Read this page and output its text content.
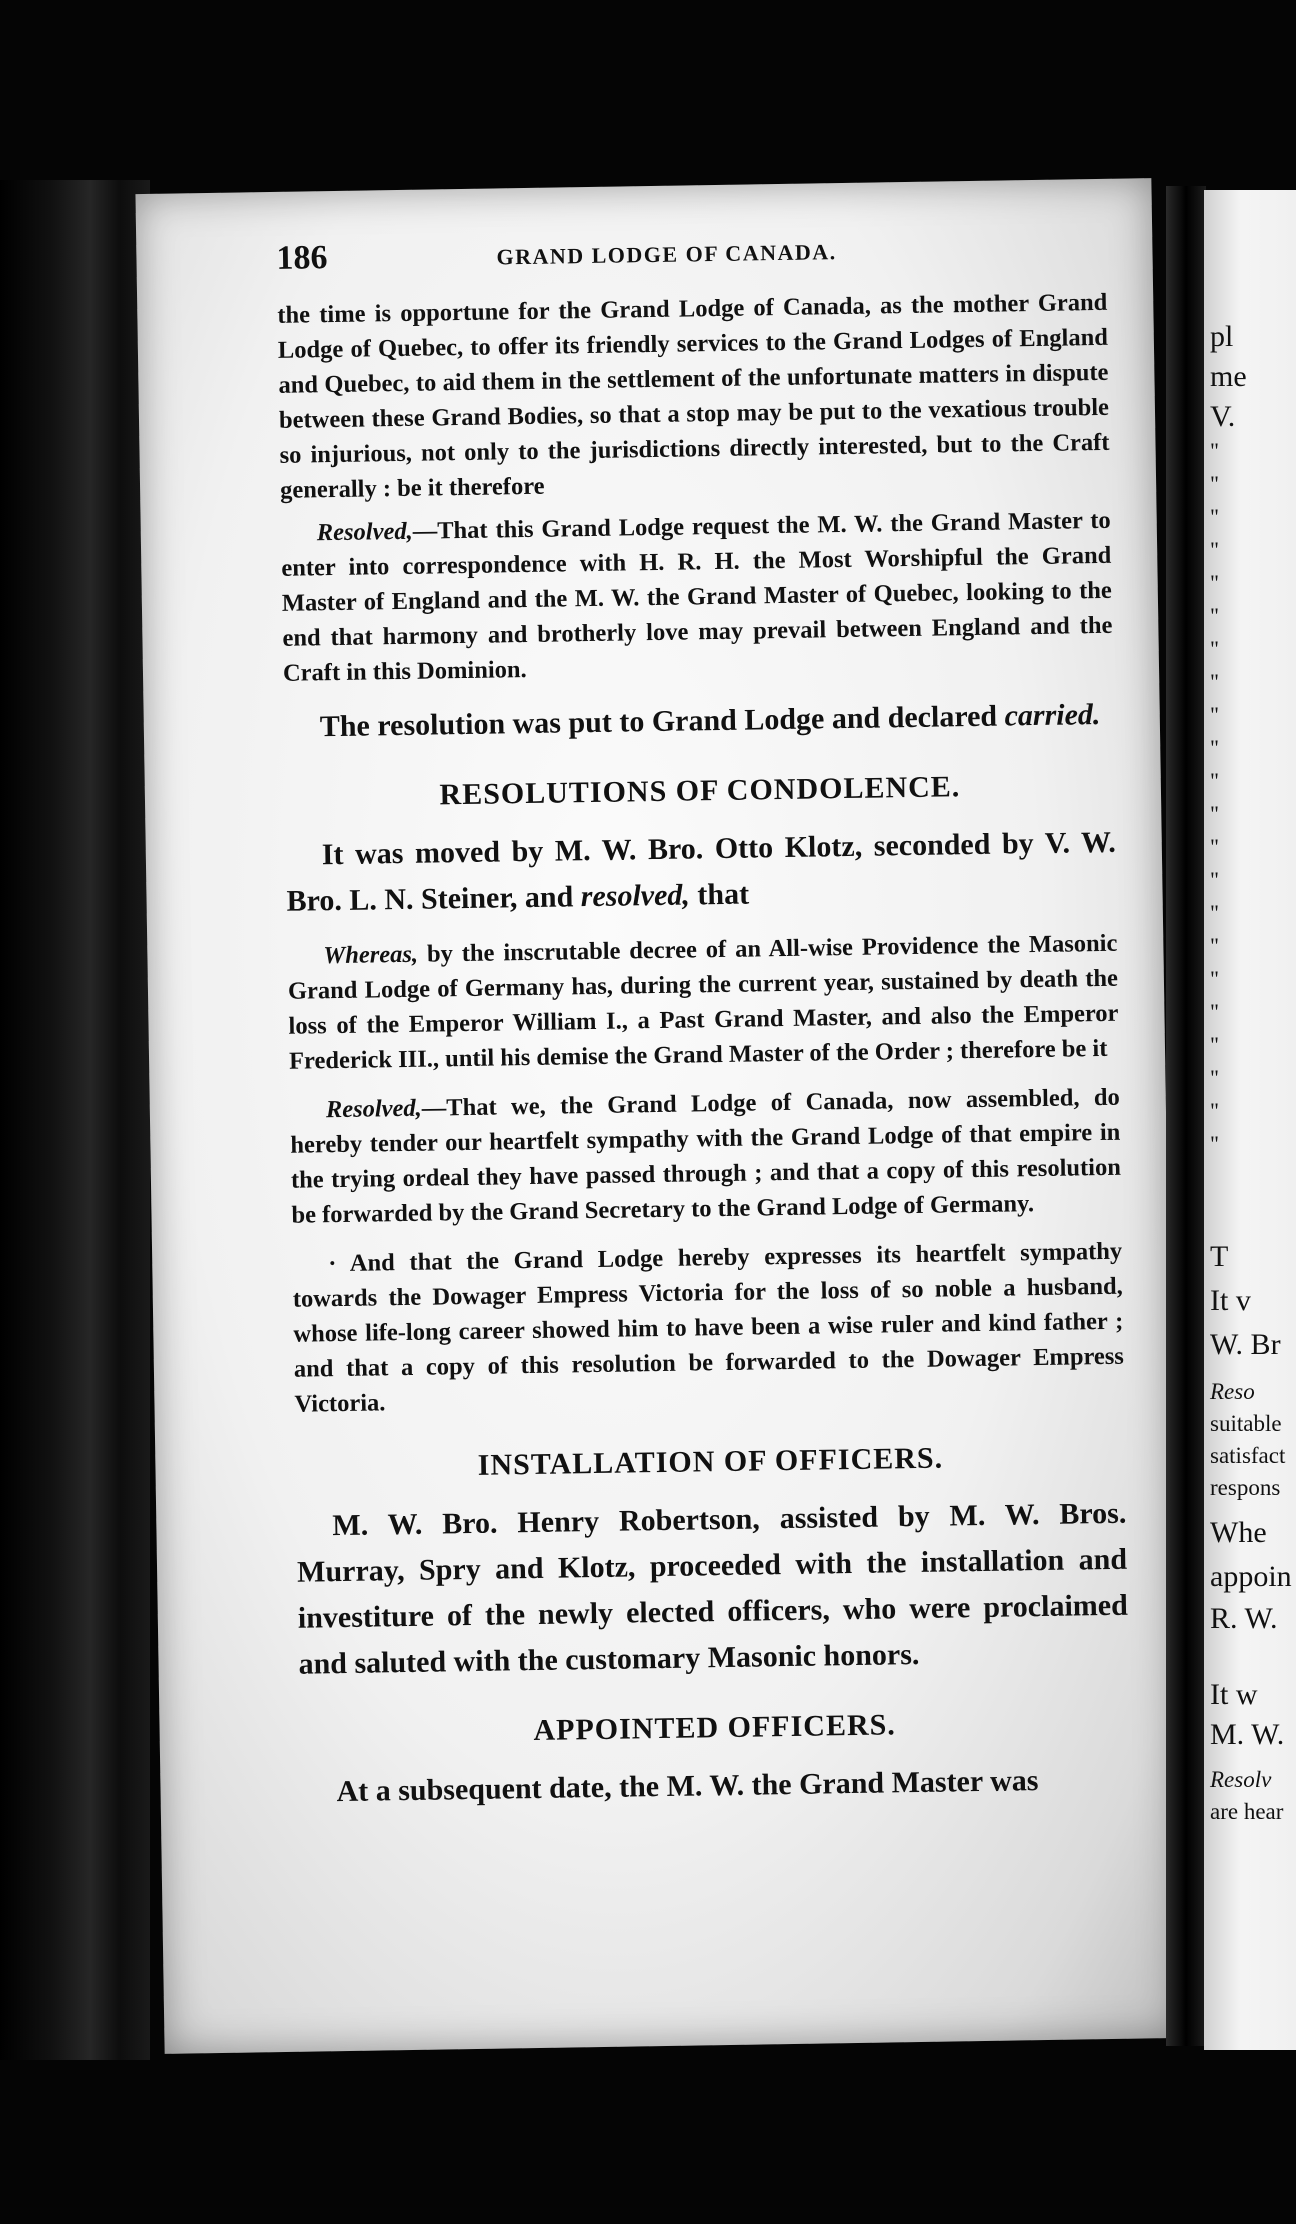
186	GRAND LODGE OF CANADA.

the time is opportune for the Grand Lodge of Canada, as the mother Grand Lodge of Quebec, to offer its friendly services to the Grand Lodges of England and Quebec, to aid them in the settlement of the unfortunate matters in dispute between these Grand Bodies, so that a stop may be put to the vexatious trouble so injurious, not only to the jurisdictions directly interested, but to the Craft generally : be it therefore

Resolved,—That this Grand Lodge request the M. W. the Grand Master to enter into correspondence with H. R. H. the Most Worshipful the Grand Master of England and the M. W. the Grand Master of Quebec, looking to the end that harmony and brotherly love may prevail between England and the Craft in this Dominion.

The resolution was put to Grand Lodge and declared carried.

RESOLUTIONS OF CONDOLENCE.

It was moved by M. W. Bro. Otto Klotz, seconded by V. W. Bro. L. N. Steiner, and resolved, that

Whereas, by the inscrutable decree of an All-wise Providence the Masonic Grand Lodge of Germany has, during the current year, sustained by death the loss of the Emperor William I., a Past Grand Master, and also the Emperor Frederick III., until his demise the Grand Master of the Order ; therefore be it

Resolved,—That we, the Grand Lodge of Canada, now assembled, do hereby tender our heartfelt sympathy with the Grand Lodge of that empire in the trying ordeal they have passed through ; and that a copy of this resolution be forwarded by the Grand Secretary to the Grand Lodge of Germany.

· And that the Grand Lodge hereby expresses its heartfelt sympathy towards the Dowager Empress Victoria for the loss of so noble a husband, whose life-long career showed him to have been a wise ruler and kind father ; and that a copy of this resolution be forwarded to the Dowager Empress Victoria.

INSTALLATION OF OFFICERS.

M. W. Bro. Henry Robertson, assisted by M. W. Bros. Murray, Spry and Klotz, proceeded with the installation and investiture of the newly elected officers, who were proclaimed and saluted with the customary Masonic honors.

APPOINTED OFFICERS.

At a subsequent date, the M. W. the Grand Master was

pl
me
V.
"
"
"
"
"
"
"
"
"
"
"
"
"
"
"
"
"
"
"
"
"
"
T
It v
W. Br
Reso
suitable
satisfact
respons
Whe
appoin
R. W.
It w
M. W.
Resolv
are hear
